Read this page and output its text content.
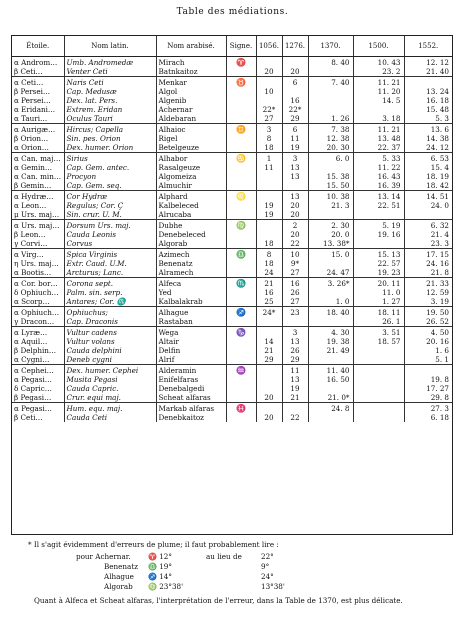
Table des médiations.
Étoile.	Nom latin.	Nom arabisé.	Signe.	1056.	1276.	1370.	1500.	1552.
α Androm…	Umb. Andromedæ	Mirach	♈			8. 40	10. 43	12. 12
β Ceti…	Venter Ceti	Batnkaitoz		20	20		23. 2	21. 40
α Ceti…	Naris Ceti	Menkar	♉		6	7. 40	11. 21	
β Persei…	Cap. Medusæ	Algol		10			11. 20	13. 24
α Persei…	Dex. lat. Pers.	Algenib			16		14. 5	16. 18
α Eridani…	Extrem. Eridan	Achernar		22*	22*			15. 48
α Tauri…	Oculus Tauri	Aldebaran		27	29	1. 26	3. 18	5. 3
α Aurigæ…	Hircus; Capella	Alhaioc	♊	3	6	7. 38	11. 21	13. 6
β Orion…	Sin. pes. Orion	Rigel		8	11	12. 38	13. 48	14. 38
α Orion…	Dex. humer. Orion	Betelgeuze		18	19	20. 30	22. 37	24. 12
α Can. maj…	Sirius	Alhabor	♋	1	3	6. 0	5. 33	6. 53
α Gemin…	Cap. Gem. antec.	Rasalgeuze		11	13		11. 22	15. 4
α Can. min…	Procyon	Algomeiza			13	15. 38	16. 43	18. 19
β Gemin…	Cap. Gem. seq.	Almuchir				15. 50	16. 39	18. 42
α Hydræ…	Cor Hydræ	Alphard	♌		13	10. 38	13. 14	14. 51
α Leon…	Regulus; Cor. Ç	Kalbeleced		19	20	21. 3	22. 51	24. 0
μ Urs. maj…	Sin. crur. U. M.	Alrucaba		19	20			
α Urs. maj…	Dorsum Urs. maj.	Dubhe	♍		2	2. 30	5. 19	6. 32
β Leon…	Cauda Leonis	Denebeleced			20	20. 0	19. 16	21. 4
γ Corvi…	Corvus	Algorab		18	22	13. 38*		23. 3
α Virg…	Spica Virginis	Azimech	♎	8	10	15. 0	15. 13	17. 15
η Urs. maj…	Extr. Caud. U.M.	Benenatz		18	9*		22. 57	24. 16
α Bootis…	Arcturus; Lanc.	Alramech		24	27	24. 47	19. 23	21. 8
α Cor. bor…	Corona sept.	Alfeca	♏	21	16	3. 26*	20. 11	21. 33
δ Ophiuch…	Palm. sin. serp.	Yed		16	26		11. 0	12. 59
α Scorp…	Antares; Cor. ♏	Kalbalakrab		25	27	1. 0	1. 27	3. 19
α Ophiuch…	Ophiuchus;	Alhague	♐	24*	23	18. 40	18. 11	19. 50
γ Dracon…	Cap. Draconis	Rastaban					26. 1	26. 52
α Lyræ…	Vultur cadens	Wega	♑		3	4. 30	3. 51	4. 50
α Aquil…	Vultur volans	Altair		14	13	19. 38	18. 57	20. 16
β Delphin…	Cauda delphini	Delfin		21	26	21. 49		1. 6
α Cygni…	Deneb cygni	Alrif		29	29			5. 1
α Cephei…	Dex. humer. Cephei	Alderamin	♒		11	11. 40		
α Pegasi…	Musita Pegasi	Enifelfaras			13	16. 50		19. 8
δ Capric…	Cauda Capric.	Denebalgedi			19			17. 27
β Pegasi…	Crur. equi maj.	Scheat alfaras		20	21	21. 0*		29. 8
α Pegasi…	Hum. equ. maj.	Markab alfaras	♓			24. 8		27. 3
β Ceti…	Cauda Ceti	Denebkaitoz		20	22			6. 18
* Il s'agit évidemment d'erreurs de plume; il faut probablement lire :
pour Achernar. ♈ 12°	au lieu de	22°
Benenatz ♎ 19°	9°
Alhague ♐ 14°	24°
Algorab ♍ 23°38'	13°38'
Quant à Alfeca et Scheat alfaras, l'interprétation de l'erreur, dans la Table de 1370, est plus délicate.
